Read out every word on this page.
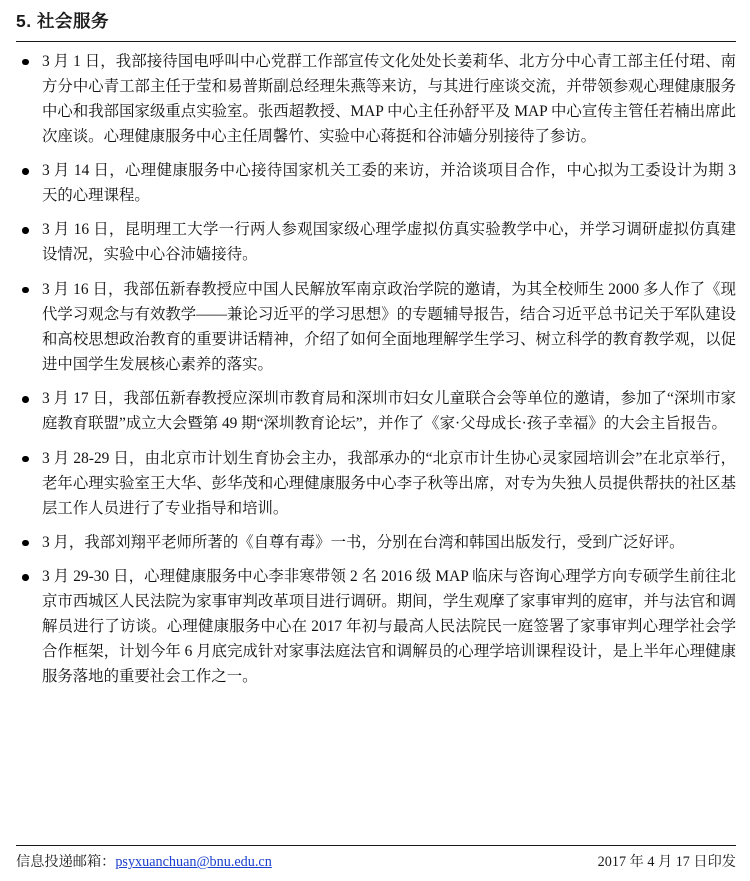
5. 社会服务
3 月 1 日，我部接待国电呼叫中心党群工作部宣传文化处处长姜莉华、北方分中心青工部主任付珺、南方分中心青工部主任于莹和易普斯副总经理朱燕等来访，与其进行座谈交流，并带领参观心理健康服务中心和我部国家级重点实验室。张西超教授、MAP 中心主任孙舒平及 MAP 中心宣传主管任若楠出席此次座谈。心理健康服务中心主任周馨竹、实验中心蒋挺和谷沛嫱分别接待了参访。
3 月 14 日，心理健康服务中心接待国家机关工委的来访，并洽谈项目合作，中心拟为工委设计为期 3 天的心理课程。
3 月 16 日，昆明理工大学一行两人参观国家级心理学虚拟仿真实验教学中心，并学习调研虚拟仿真建设情况，实验中心谷沛嫱接待。
3 月 16 日，我部伍新春教授应中国人民解放军南京政治学院的邀请，为其全校师生 2000 多人作了《现代学习观念与有效教学——兼论习近平的学习思想》的专题辅导报告，结合习近平总书记关于军队建设和高校思想政治教育的重要讲话精神，介绍了如何全面地理解学生学习、树立科学的教育教学观，以促进中国学生发展核心素养的落实。
3 月 17 日，我部伍新春教授应深圳市教育局和深圳市妇女儿童联合会等单位的邀请，参加了“深圳市家庭教育联盟”成立大会暨第 49 期“深圳教育论坛”，并作了《家·父母成长·孩子幸福》的大会主旨报告。
3 月 28-29 日，由北京市计划生育协会主办，我部承办的“北京市计生协心灵家园培训会”在北京举行，老年心理实验室王大华、彭华茂和心理健康服务中心李子秋等出席，对专为失独人员提供帮扶的社区基层工作人员进行了专业指导和培训。
3 月，我部刘翔平老师所著的《自尊有毒》一书，分别在台湾和韩国出版发行，受到广泛好评。
3 月 29-30 日，心理健康服务中心李非寒带领 2 名 2016 级 MAP 临床与咨询心理学方向专硕学生前往北京市西城区人民法院为家事审判改革项目进行调研。期间，学生观摩了家事审判的庭审，并与法官和调解员进行了访谈。心理健康服务中心在 2017 年初与最高人民法院民一庭签署了家事审判心理学社会学合作框架，计划今年 6 月底完成针对家事法庭法官和调解员的心理学培训课程设计，是上半年心理健康服务落地的重要社会工作之一。
信息投递邮箱：psyxuanchuan@bnu.edu.cn	2017 年 4 月 17 日印发
